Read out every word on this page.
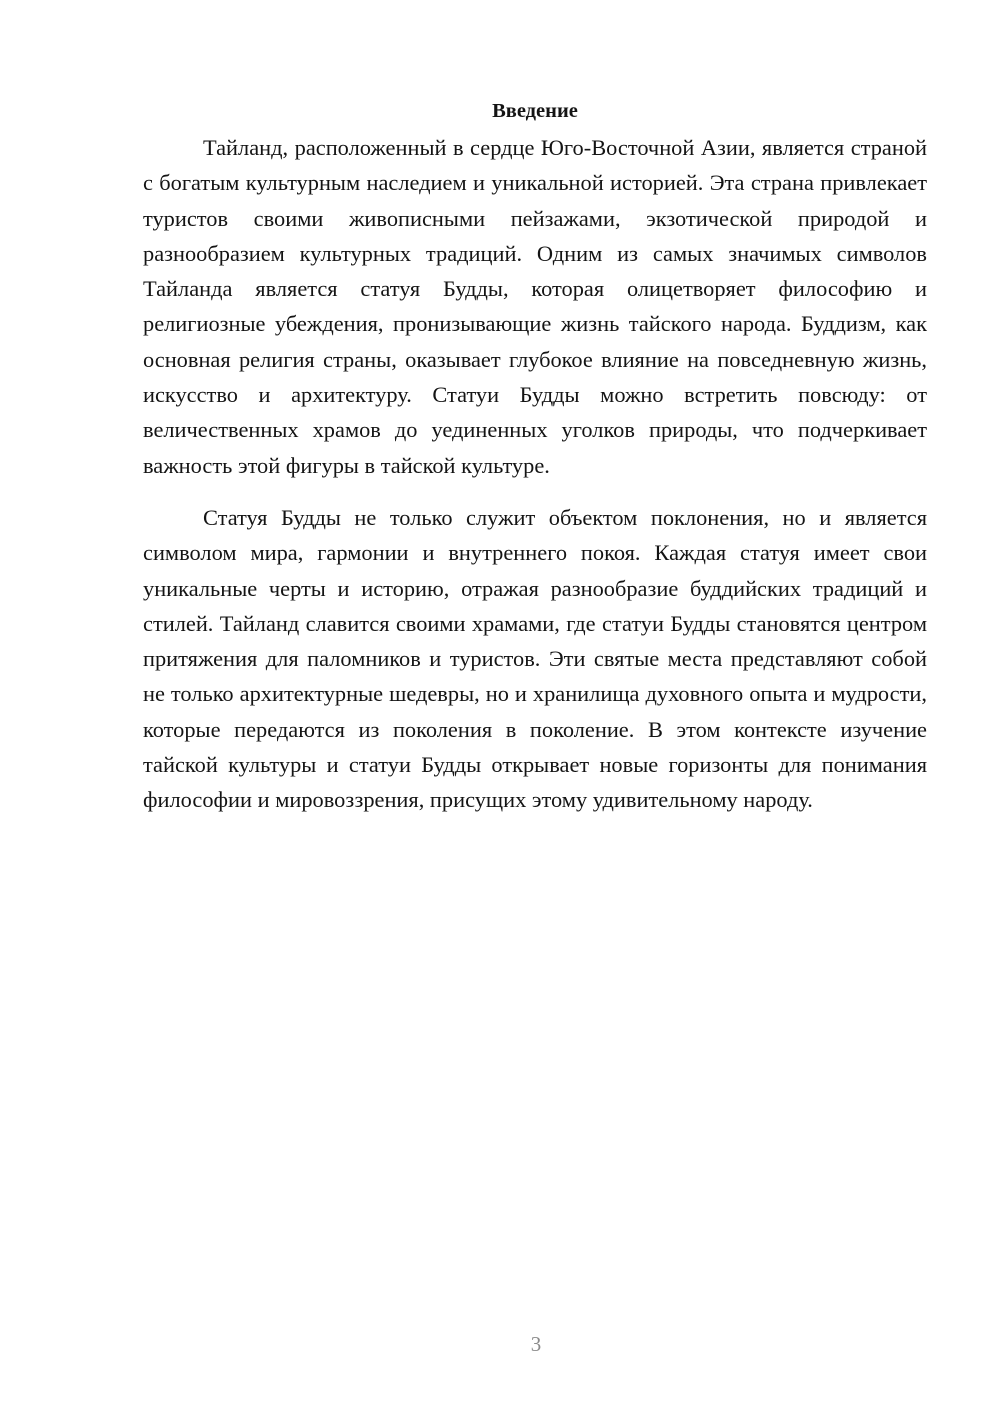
Введение

Тайланд, расположенный в сердце Юго-Восточной Азии, является страной с богатым культурным наследием и уникальной историей. Эта страна привлекает туристов своими живописными пейзажами, экзотической природой и разнообразием культурных традиций. Одним из самых значимых символов Тайланда является статуя Будды, которая олицетворяет философию и религиозные убеждения, пронизывающие жизнь тайского народа. Буддизм, как основная религия страны, оказывает глубокое влияние на повседневную жизнь, искусство и архитектуру. Статуи Будды можно встретить повсюду: от величественных храмов до уединенных уголков природы, что подчеркивает важность этой фигуры в тайской культуре.

Статуя Будды не только служит объектом поклонения, но и является символом мира, гармонии и внутреннего покоя. Каждая статуя имеет свои уникальные черты и историю, отражая разнообразие буддийских традиций и стилей. Тайланд славится своими храмами, где статуи Будды становятся центром притяжения для паломников и туристов. Эти святые места представляют собой не только архитектурные шедевры, но и хранилища духовного опыта и мудрости, которые передаются из поколения в поколение. В этом контексте изучение тайской культуры и статуи Будды открывает новые горизонты для понимания философии и мировоззрения, присущих этому удивительному народу.

3
